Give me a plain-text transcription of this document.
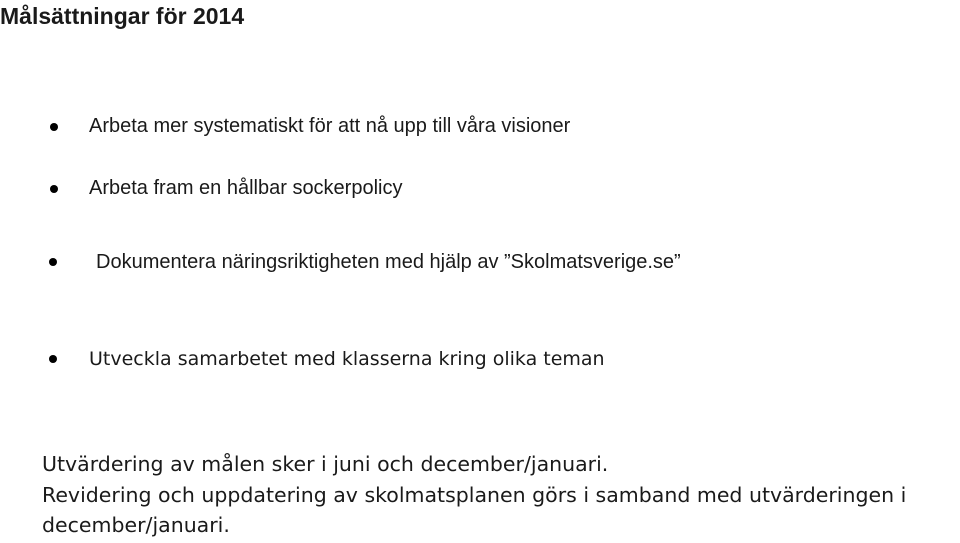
Målsättningar för 2014
Arbeta mer systematiskt för att nå upp till våra visioner
Arbeta fram en hållbar sockerpolicy
Dokumentera näringsriktigheten med hjälp av ”Skolmatsverige.se”
Utveckla samarbetet med klasserna kring olika teman
Utvärdering av målen sker i juni och december/januari.
Revidering och uppdatering av skolmatsplanen görs i samband med utvärderingen i
december/januari.
